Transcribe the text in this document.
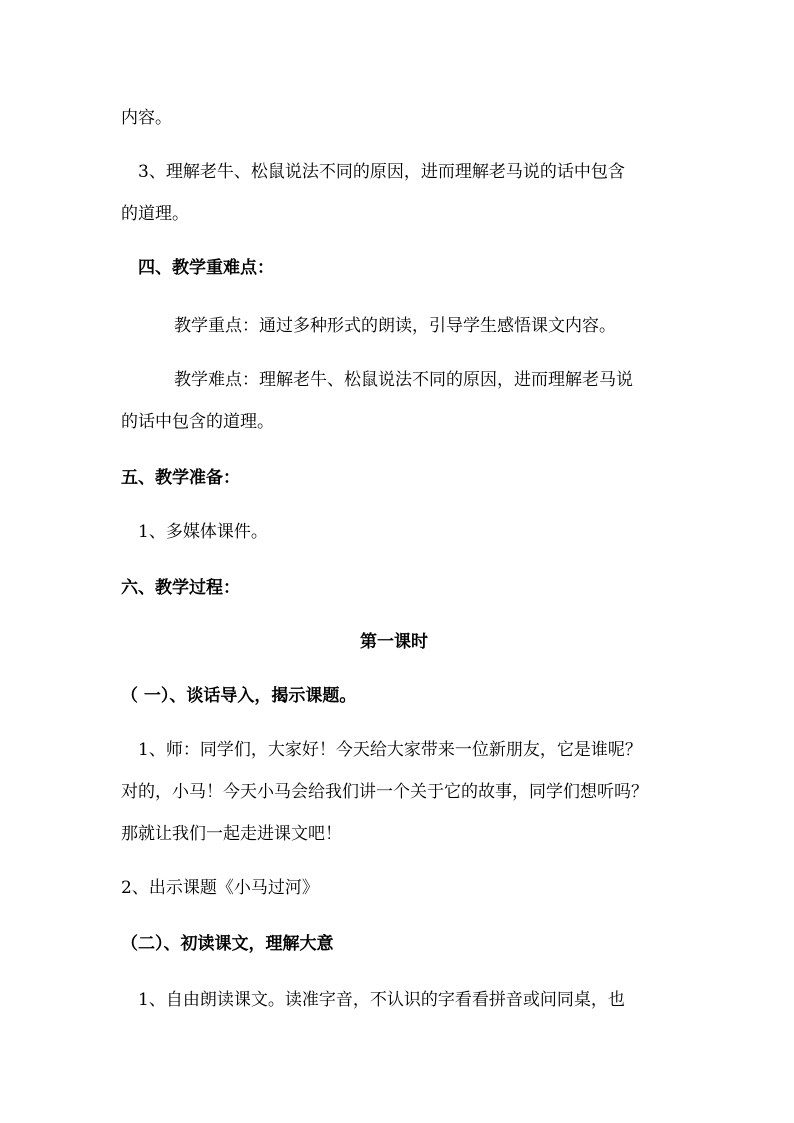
内容。

3、理解老牛、松鼠说法不同的原因，进而理解老马说的话中包含

的道理。

四、教学重难点：

教学重点：通过多种形式的朗读，引导学生感悟课文内容。

教学难点：理解老牛、松鼠说法不同的原因，进而理解老马说

的话中包含的道理。

五、教学准备：

1、多媒体课件。

六、教学过程：

第一课时

（ 一）、谈话导入，揭示课题。

1、师：同学们，大家好！今天给大家带来一位新朋友，它是谁呢？

对的，小马！今天小马会给我们讲一个关于它的故事，同学们想听吗？

那就让我们一起走进课文吧！

2、出示课题《小马过河》

（二）、初读课文，理解大意

1、自由朗读课文。读准字音，不认识的字看看拼音或问同桌，也
